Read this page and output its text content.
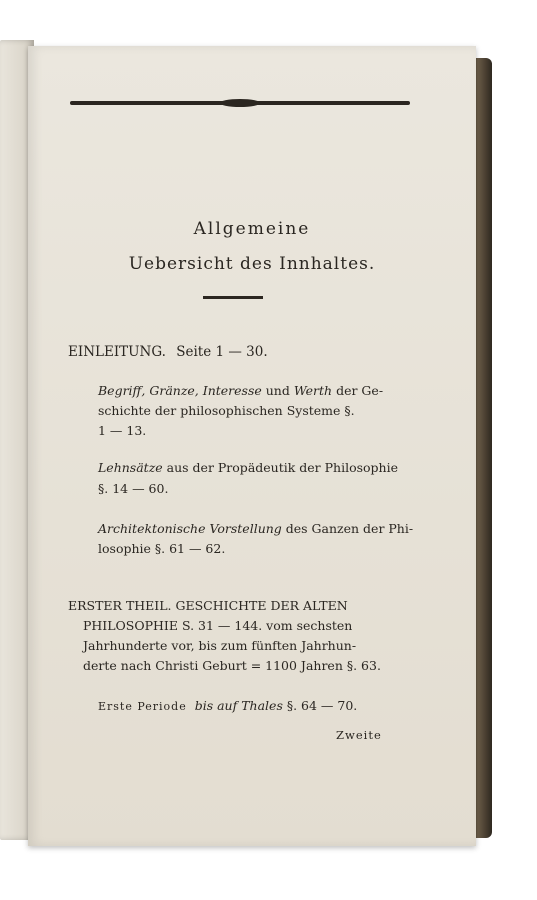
Allgemeine
Uebersicht des Innhaltes.
EINLEITUNG. Seite 1 — 30.
Begriff, Gränze, Interesse und Werth der Ge-
schichte der philosophischen Systeme §.
1 — 13.
Lehnsätze aus der Propädeutik der Philosophie
§. 14 — 60.
Architektonische Vorstellung des Ganzen der Phi-
losophie §. 61 — 62.
ERSTER THEIL. GESCHICHTE DER ALTEN
PHILOSOPHIE S. 31 — 144. vom sechsten
Jahrhunderte vor, bis zum fünften Jahrhun-
derte nach Christi Geburt = 1100 Jahren §. 63.
Erste Periode bis auf Thales §. 64 — 70.
Zweite
